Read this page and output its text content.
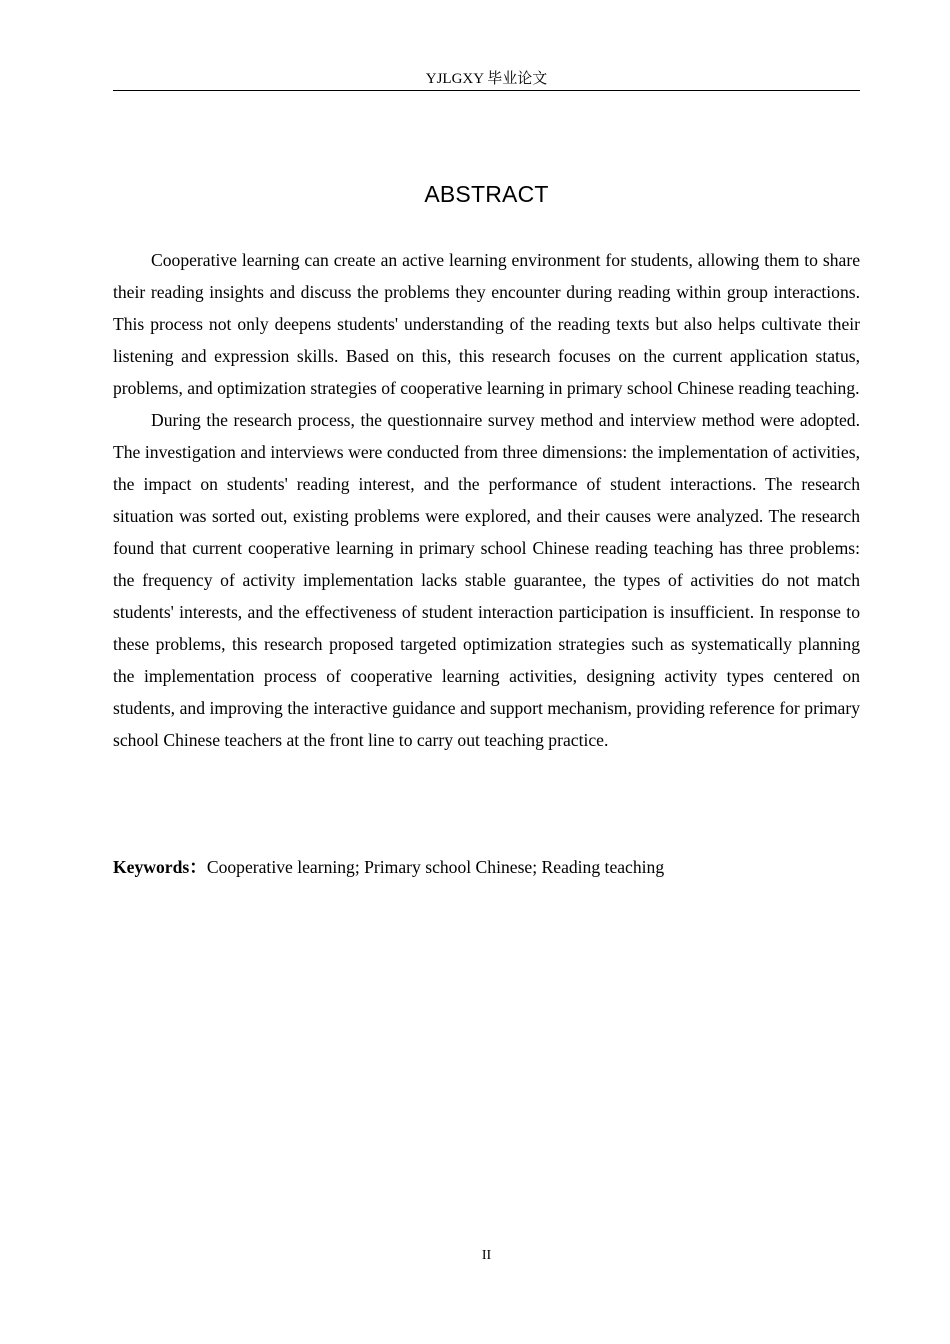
YJLGXY 毕业论文
ABSTRACT

Cooperative learning can create an active learning environment for students, allowing them to share their reading insights and discuss the problems they encounter during reading within group interactions. This process not only deepens students' understanding of the reading texts but also helps cultivate their listening and expression skills. Based on this, this research focuses on the current application status, problems, and optimization strategies of cooperative learning in primary school Chinese reading teaching.

During the research process, the questionnaire survey method and interview method were adopted. The investigation and interviews were conducted from three dimensions: the implementation of activities, the impact on students' reading interest, and the performance of student interactions. The research situation was sorted out, existing problems were explored, and their causes were analyzed. The research found that current cooperative learning in primary school Chinese reading teaching has three problems: the frequency of activity implementation lacks stable guarantee, the types of activities do not match students' interests, and the effectiveness of student interaction participation is insufficient. In response to these problems, this research proposed targeted optimization strategies such as systematically planning the implementation process of cooperative learning activities, designing activity types centered on students, and improving the interactive guidance and support mechanism, providing reference for primary school Chinese teachers at the front line to carry out teaching practice.

Keywords：Cooperative learning; Primary school Chinese; Reading teaching
II
